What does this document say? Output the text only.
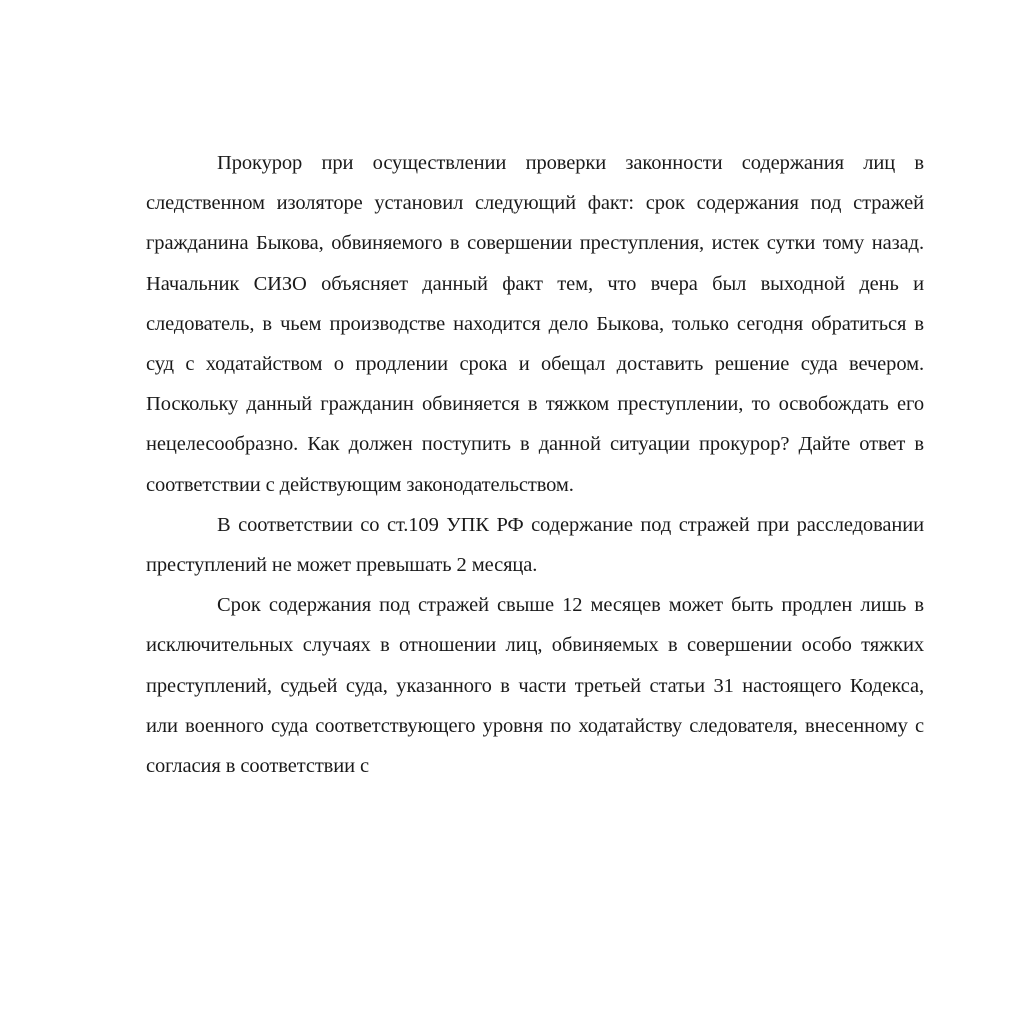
Прокурор при осуществлении проверки законности содержания лиц в следственном изоляторе установил следующий факт: срок содержания под стражей гражданина Быкова, обвиняемого в совершении преступления, истек сутки тому назад. Начальник СИЗО объясняет данный факт тем, что вчера был выходной день и следователь, в чьем производстве находится дело Быкова, только сегодня обратиться в суд с ходатайством о продлении срока и обещал доставить решение суда вечером. Поскольку данный гражданин обвиняется в тяжком преступлении, то освобождать его нецелесообразно. Как должен поступить в данной ситуации прокурор? Дайте ответ в соответствии с действующим законодательством.

В соответствии со ст.109 УПК РФ содержание под стражей при расследовании преступлений не может превышать 2 месяца.

Срок содержания под стражей свыше 12 месяцев может быть продлен лишь в исключительных случаях в отношении лиц, обвиняемых в совершении особо тяжких преступлений, судьей суда, указанного в части третьей статьи 31 настоящего Кодекса, или военного суда соответствующего уровня по ходатайству следователя, внесенному с согласия в соответствии с
